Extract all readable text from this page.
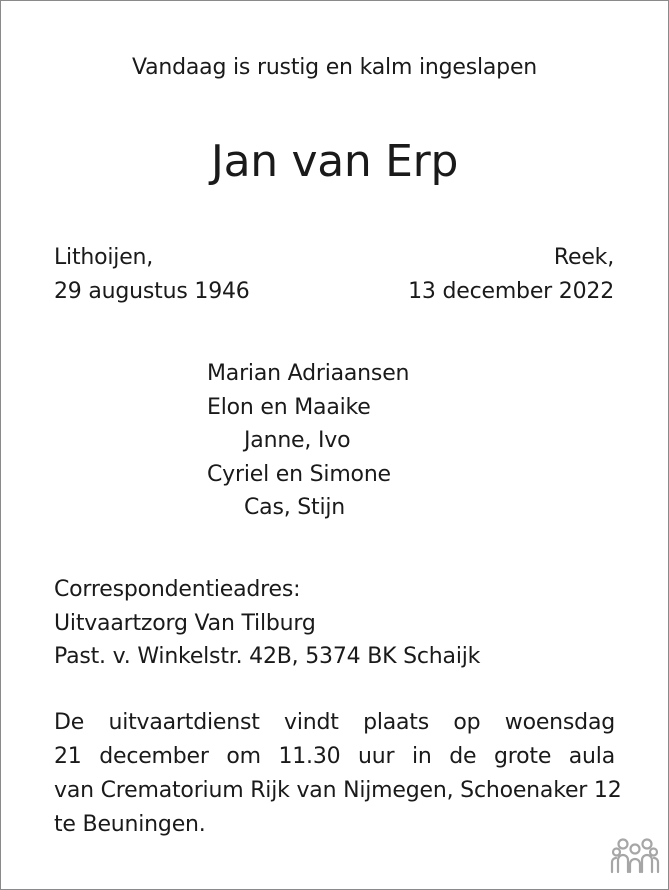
Vandaag is rustig en kalm ingeslapen
Jan van Erp
Lithoijen,
29 augustus 1946
Reek,
13 december 2022
Marian Adriaansen
Elon en Maaike
Janne, Ivo
Cyriel en Simone
Cas, Stijn
Correspondentieadres:
Uitvaartzorg Van Tilburg
Past. v. Winkelstr. 42B, 5374 BK Schaijk
De uitvaartdienst vindt plaats op woensdag
21 december om 11.30 uur in de grote aula
van Crematorium Rijk van Nijmegen, Schoenaker 12
te Beuningen.
